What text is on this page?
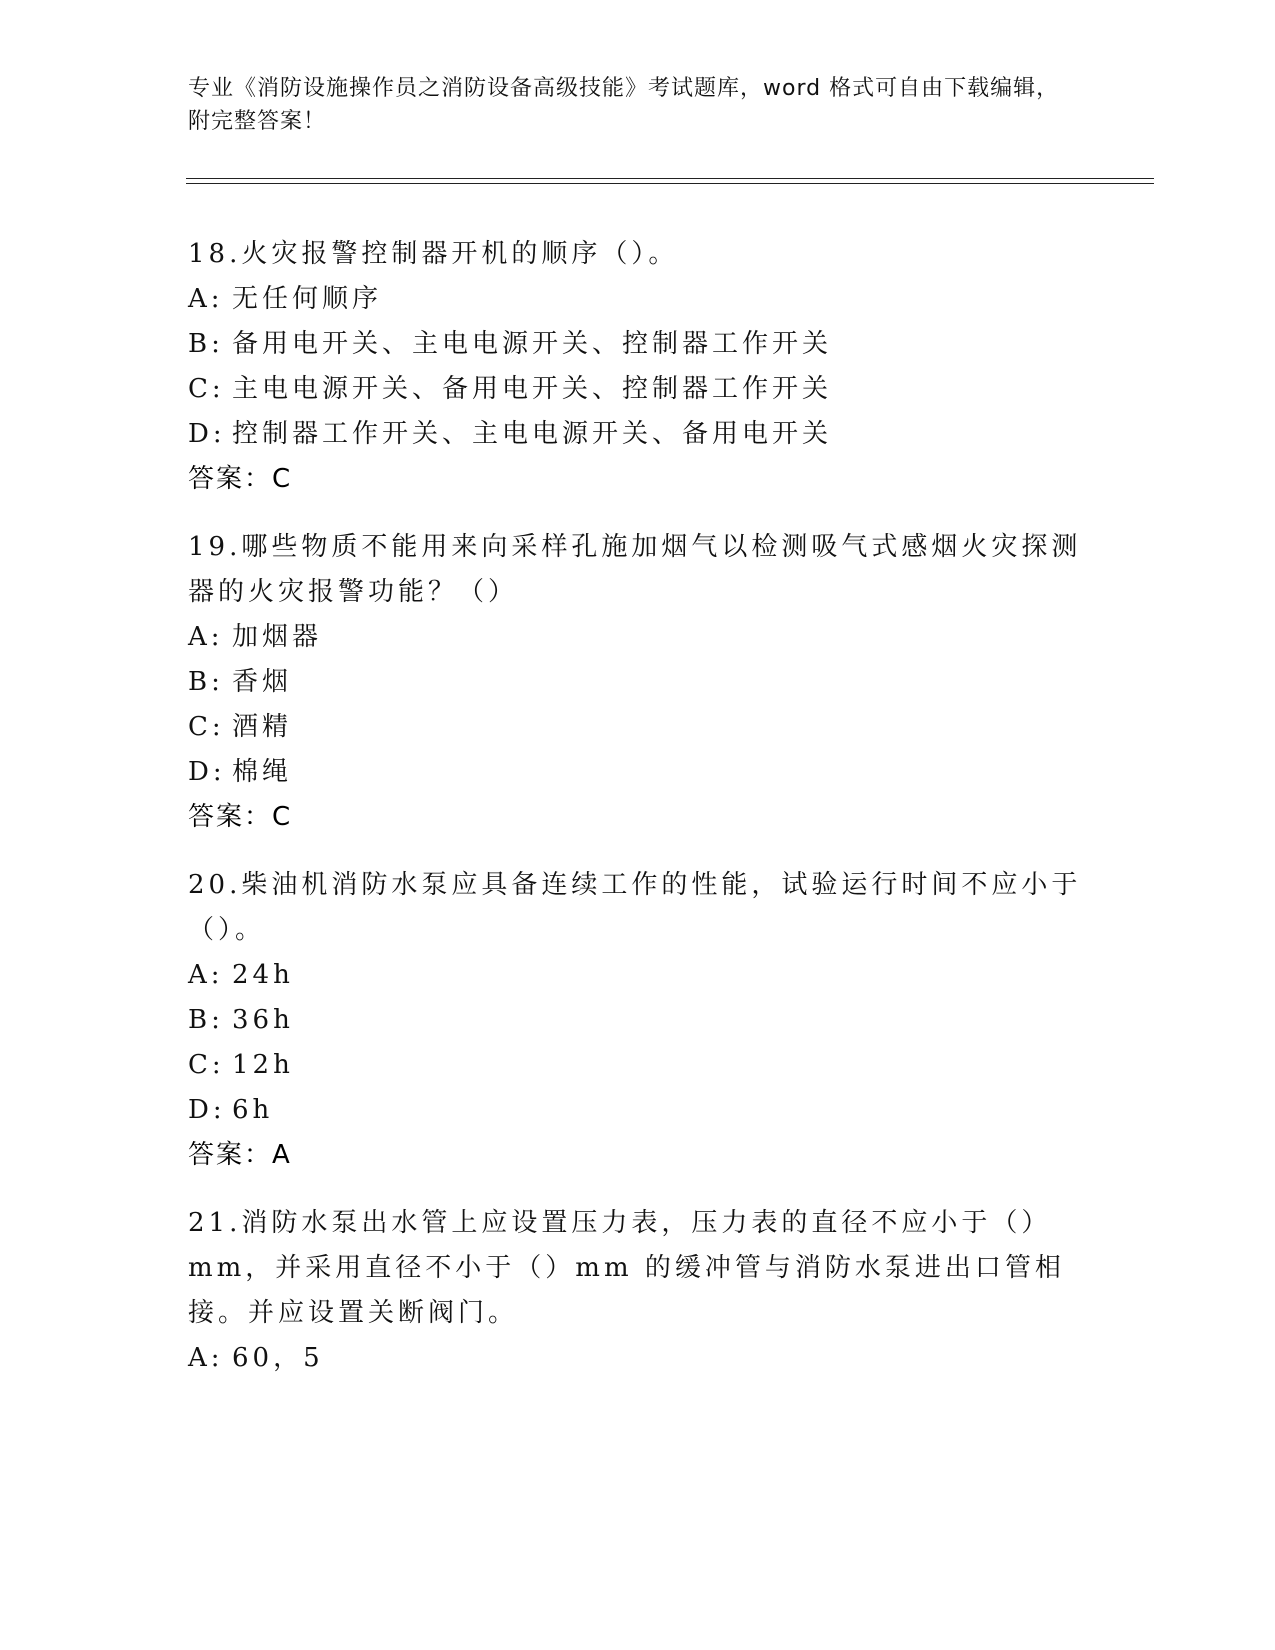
专业《消防设施操作员之消防设备高级技能》考试题库，word 格式可自由下载编辑，附完整答案！

18.火灾报警控制器开机的顺序（）。

A: 无任何顺序
B: 备用电开关、主电电源开关、控制器工作开关
C: 主电电源开关、备用电开关、控制器工作开关
D: 控制器工作开关、主电电源开关、备用电开关

答案：C

19.哪些物质不能用来向采样孔施加烟气以检测吸气式感烟火灾探测器的火灾报警功能？（）

A: 加烟器
B: 香烟
C: 酒精
D: 棉绳

答案：C

20.柴油机消防水泵应具备连续工作的性能，试验运行时间不应小于（）。

A: 24h
B: 36h
C: 12h
D: 6h

答案：A

21.消防水泵出水管上应设置压力表，压力表的直径不应小于（）mm，并采用直径不小于（）mm 的缓冲管与消防水泵进出口管相接。并应设置关断阀门。

A: 60，5
